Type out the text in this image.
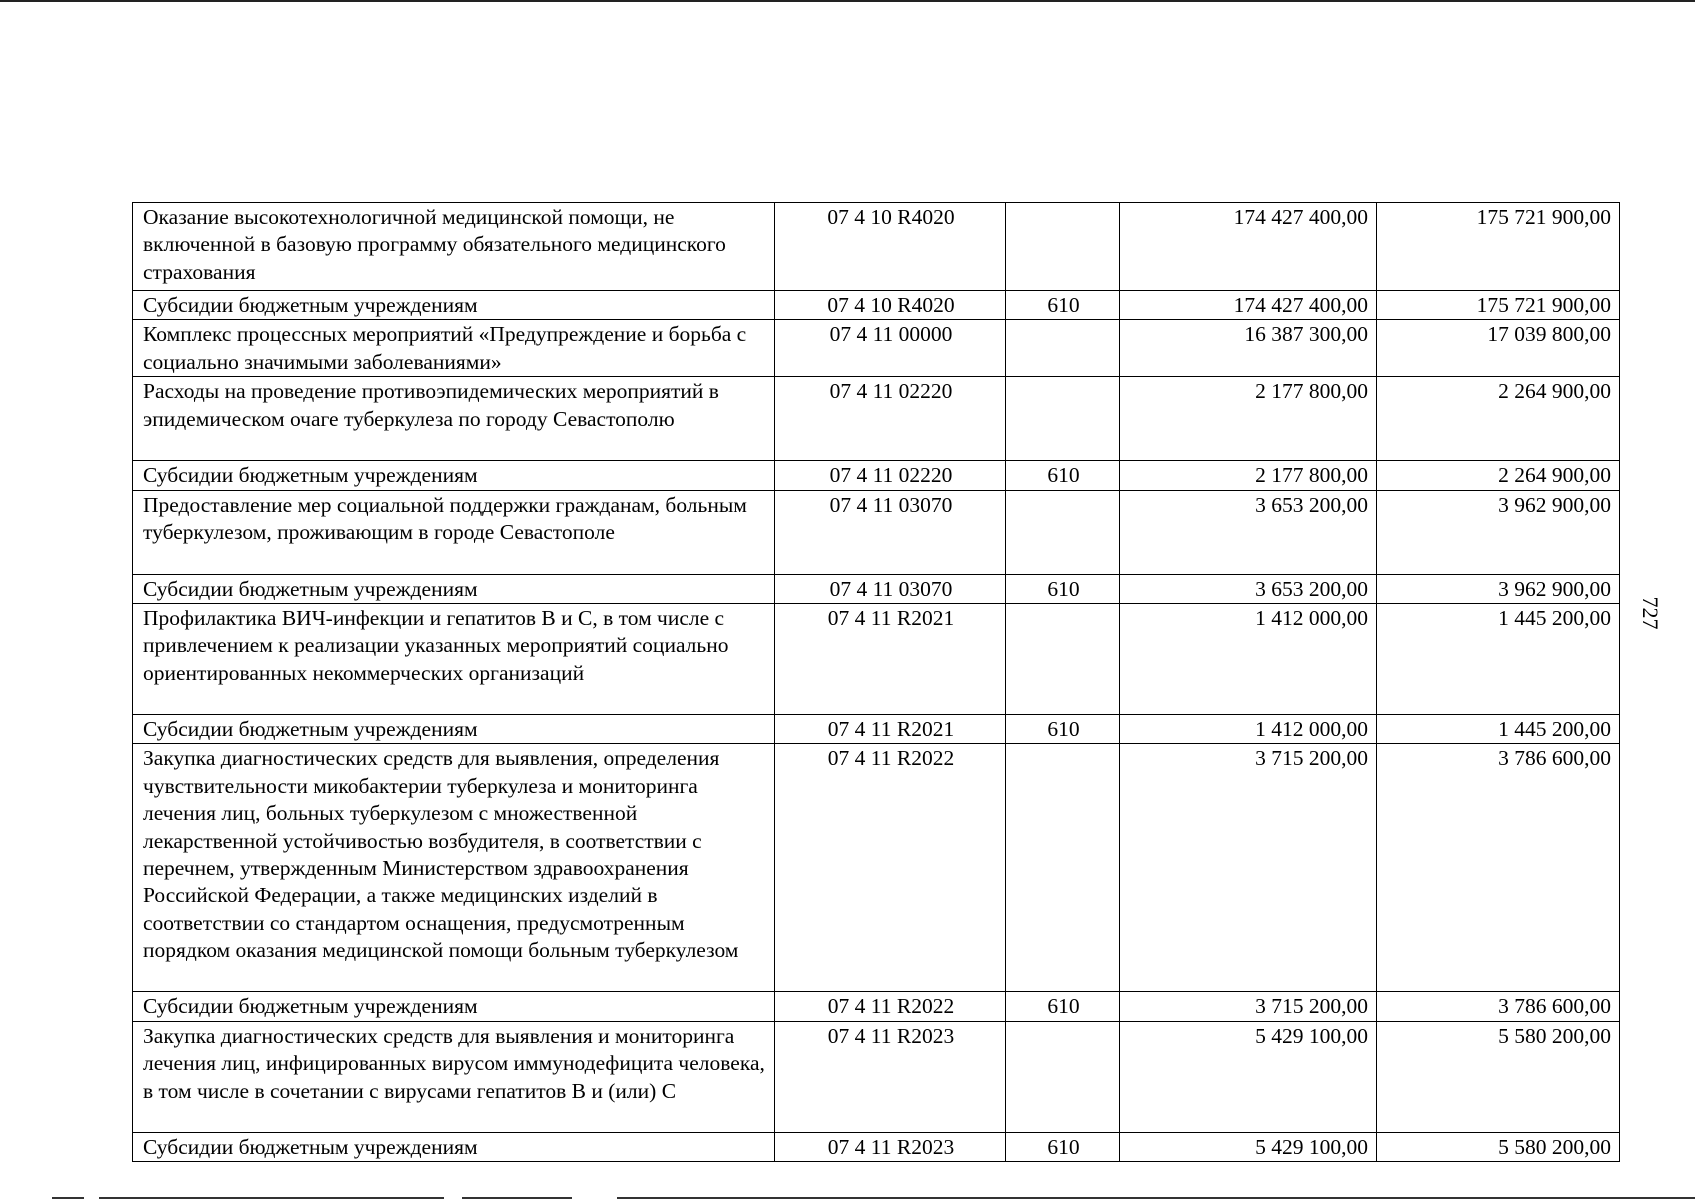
Оказание высокотехнологичной медицинской помощи, не включенной в базовую программу обязательного медицинского страхования	07 4 10 R4020		174 427 400,00	175 721 900,00
Субсидии бюджетным учреждениям	07 4 10 R4020	610	174 427 400,00	175 721 900,00
Комплекс процессных мероприятий «Предупреждение и борьба с социально значимыми заболеваниями»	07 4 11 00000		16 387 300,00	17 039 800,00
Расходы на проведение противоэпидемических мероприятий в эпидемическом очаге туберкулеза по городу Севастополю	07 4 11 02220		2 177 800,00	2 264 900,00
Субсидии бюджетным учреждениям	07 4 11 02220	610	2 177 800,00	2 264 900,00
Предоставление мер социальной поддержки гражданам, больным туберкулезом, проживающим в городе Севастополе	07 4 11 03070		3 653 200,00	3 962 900,00
Субсидии бюджетным учреждениям	07 4 11 03070	610	3 653 200,00	3 962 900,00
Профилактика ВИЧ-инфекции и гепатитов В и С, в том числе с привлечением к реализации указанных мероприятий социально ориентированных некоммерческих организаций	07 4 11 R2021		1 412 000,00	1 445 200,00
Субсидии бюджетным учреждениям	07 4 11 R2021	610	1 412 000,00	1 445 200,00
Закупка диагностических средств для выявления, определения чувствительности микобактерии туберкулеза и мониторинга лечения лиц, больных туберкулезом с множественной лекарственной устойчивостью возбудителя, в соответствии с перечнем, утвержденным Министерством здравоохранения Российской Федерации, а также медицинских изделий в соответствии со стандартом оснащения, предусмотренным порядком оказания медицинской помощи больным туберкулезом	07 4 11 R2022		3 715 200,00	3 786 600,00
Субсидии бюджетным учреждениям	07 4 11 R2022	610	3 715 200,00	3 786 600,00
Закупка диагностических средств для выявления и мониторинга лечения лиц, инфицированных вирусом иммунодефицита человека, в том числе в сочетании с вирусами гепатитов В и (или) С	07 4 11 R2023		5 429 100,00	5 580 200,00
Субсидии бюджетным учреждениям	07 4 11 R2023	610	5 429 100,00	5 580 200,00
727
